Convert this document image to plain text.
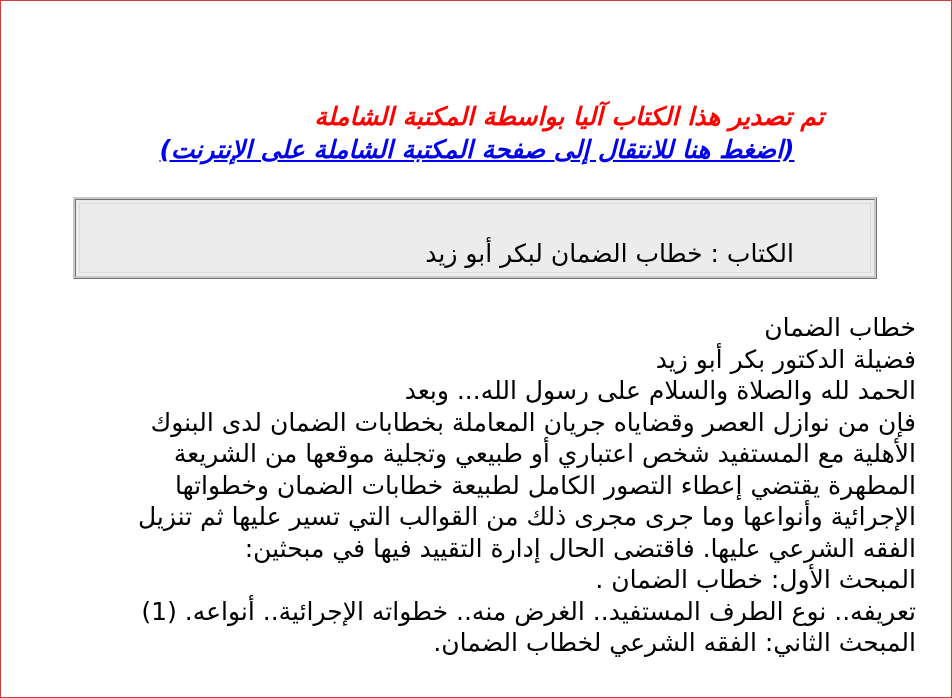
تم تصدير هذا الكتاب آليا بواسطة المكتبة الشاملة
(اضغط هنا للانتقال إلى صفحة المكتبة الشاملة على الإنترنت)
الكتاب : خطاب الضمان لبكر أبو زيد

خطاب الضمان

فضيلة الدكتور بكر أبو زيد

الحمد لله والصلاة والسلام على رسول الله... وبعد

فإن من نوازل العصر وقضاياه جريان المعاملة بخطابات الضمان لدى البنوك

الأهلية مع المستفيد شخص اعتباري أو طبيعي وتجلية موقعها من الشريعة

المطهرة يقتضي إعطاء التصور الكامل لطبيعة خطابات الضمان وخطواتها

الإجرائية وأنواعها وما جرى مجرى ذلك من القوالب التي تسير عليها ثم تنزيل

الفقه الشرعي عليها. فاقتضى الحال إدارة التقييد فيها في مبحثين:

المبحث الأول: خطاب الضمان .

تعريفه.. نوع الطرف المستفيد.. الغرض منه.. خطواته الإجرائية.. أنواعه. (1)

المبحث الثاني: الفقه الشرعي لخطاب الضمان.
